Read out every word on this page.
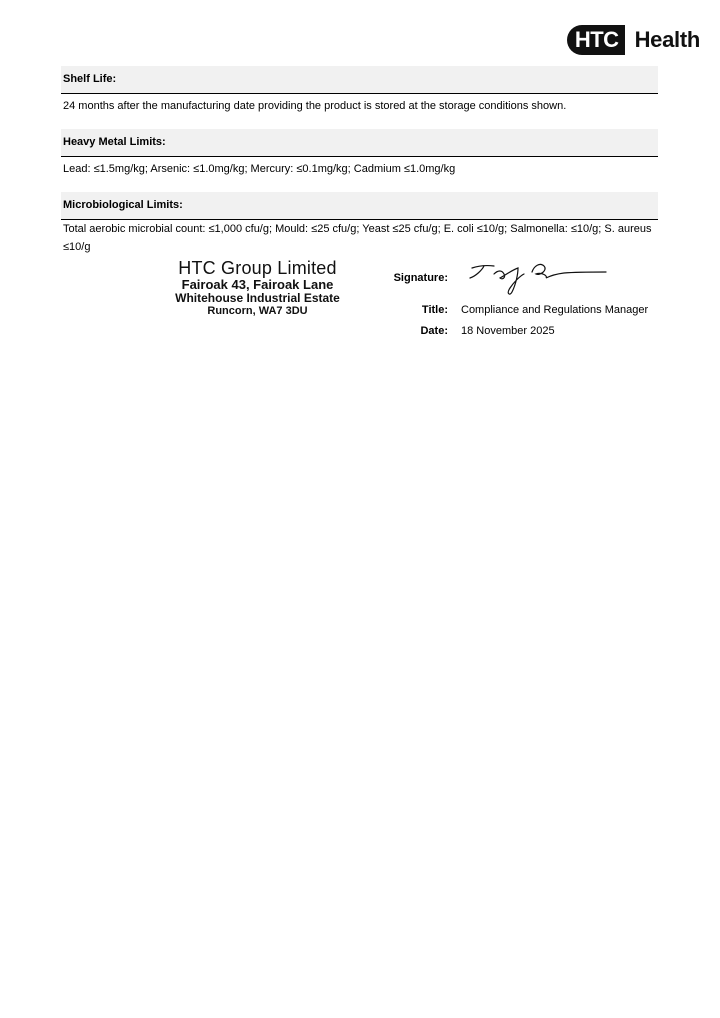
HTC Health
Shelf Life:
24 months after the manufacturing date providing the product is stored at the storage conditions shown.
Heavy Metal Limits:
Lead: ≤1.5mg/kg; Arsenic: ≤1.0mg/kg; Mercury: ≤0.1mg/kg; Cadmium ≤1.0mg/kg
Microbiological Limits:
Total aerobic microbial count: ≤1,000 cfu/g; Mould: ≤25 cfu/g; Yeast ≤25 cfu/g; E. coli ≤10/g; Salmonella: ≤10/g; S. aureus ≤10/g
HTC Group Limited
Fairoak 43, Fairoak Lane
Whitehouse Industrial Estate
Runcorn, WA7 3DU
Signature:
Title: Compliance and Regulations Manager
Date: 18 November 2025
